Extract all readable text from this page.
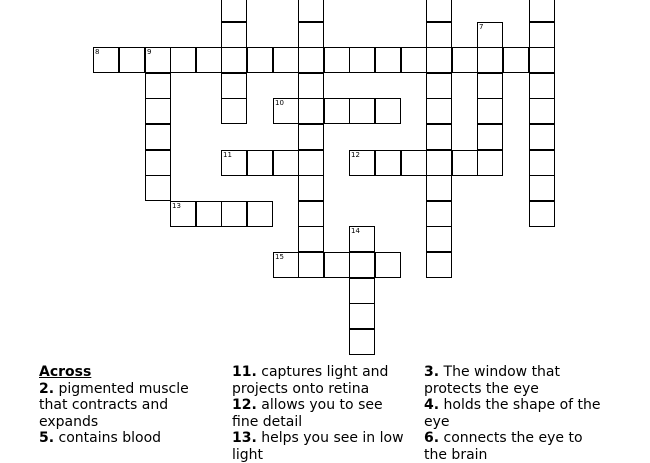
8	9
10
11	12
13
15
7
14
Across
2. pigmented muscle that contracts and expands
5. contains blood
11. captures light and projects onto retina
12. allows you to see fine detail
13. helps you see in low light
3. The window that protects the eye
4. holds the shape of the eye
6. connects the eye to the brain
